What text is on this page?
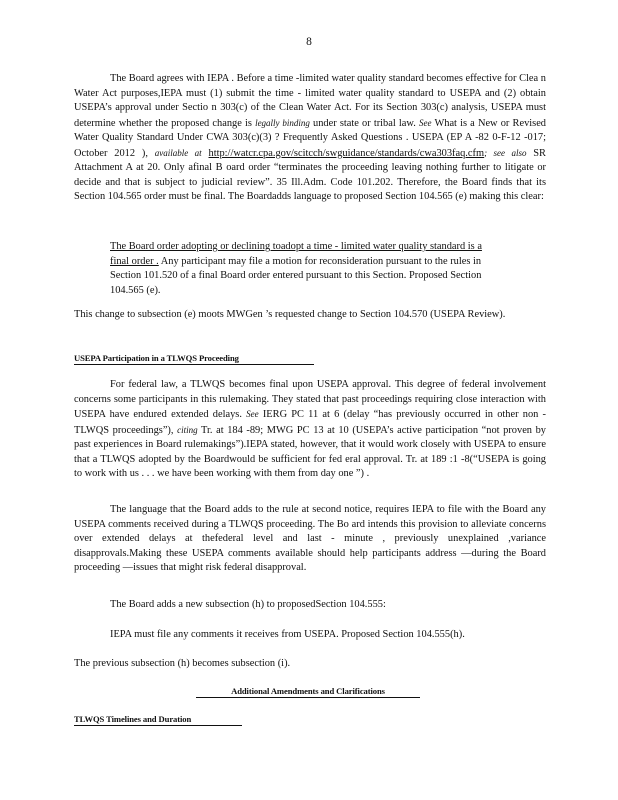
8
The Board agrees with IEPA . Before a time -limited water quality standard becomes effective for Clea n Water Act purposes,IEPA must (1) submit the time - limited water quality standard to USEPA and (2) obtain USEPA’s approval under Sectio n 303(c) of the Clean Water Act. For its Section 303(c) analysis, USEPA must determine whether the proposed change is legally binding under state or tribal law. See What is a New or Revised Water Quality Standard Under CWA 303(c)(3) ? Frequently Asked Questions . USEPA (EP A -82 0-F-12 -017; October 2012 ), available at http://watcr.cpa.gov/scitcch/swguidance/standards/cwa303faq.cfm; see also SR Attachment A at 20. Only afinal B oard order “terminates the proceeding leaving nothing further to litigate or decide and that is subject to judicial review”. 35 Ill.Adm. Code 101.202. Therefore, the Board finds that its Section 104.565 order must be final. The Boardadds language to proposed Section 104.565 (e) making this clear:
The Board order adopting or declining toadopt a time - limited water quality standard is a final order . Any participant may file a motion for reconsideration pursuant to the rules in Section 101.520 of a final Board order entered pursuant to this Section. Proposed Section 104.565 (e).
This change to subsection (e) moots MWGen ’s requested change to Section 104.570 (USEPA Review).
USEPA Participation in a TLWQS Proceeding
For federal law, a TLWQS becomes final upon USEPA approval. This degree of federal involvement concerns some participants in this rulemaking. They stated that past proceedings requiring close interaction with USEPA have endured extended delays. See IERG PC 11 at 6 (delay “has previously occurred in other non -TLWQS proceedings”), citing Tr. at 184 -89; MWG PC 13 at 10 (USEPA’s active participation “not proven by past experiences in Board rulemakings”).IEPA stated, however, that it would work closely with USEPA to ensure that a TLWQS adopted by the Boardwould be sufficient for fed eral approval. Tr. at 189 :1 -8(“USEPA is going to work with us . . . we have been working with them from day one ”) .
The language that the Board adds to the rule at second notice, requires IEPA to file with the Board any USEPA comments received during a TLWQS proceeding. The Bo ard intends this provision to alleviate concerns over extended delays at thefederal level and last - minute , previously unexplained ,variance disapprovals.Making these USEPA comments available should help participants address —during the Board proceeding —issues that might risk federal disapproval.
The Board adds a new subsection (h) to proposedSection 104.555:
IEPA must file any comments it receives from USEPA. Proposed Section 104.555(h).
The previous subsection (h) becomes subsection (i).
Additional Amendments and Clarifications
TLWQS Timelines and Duration
